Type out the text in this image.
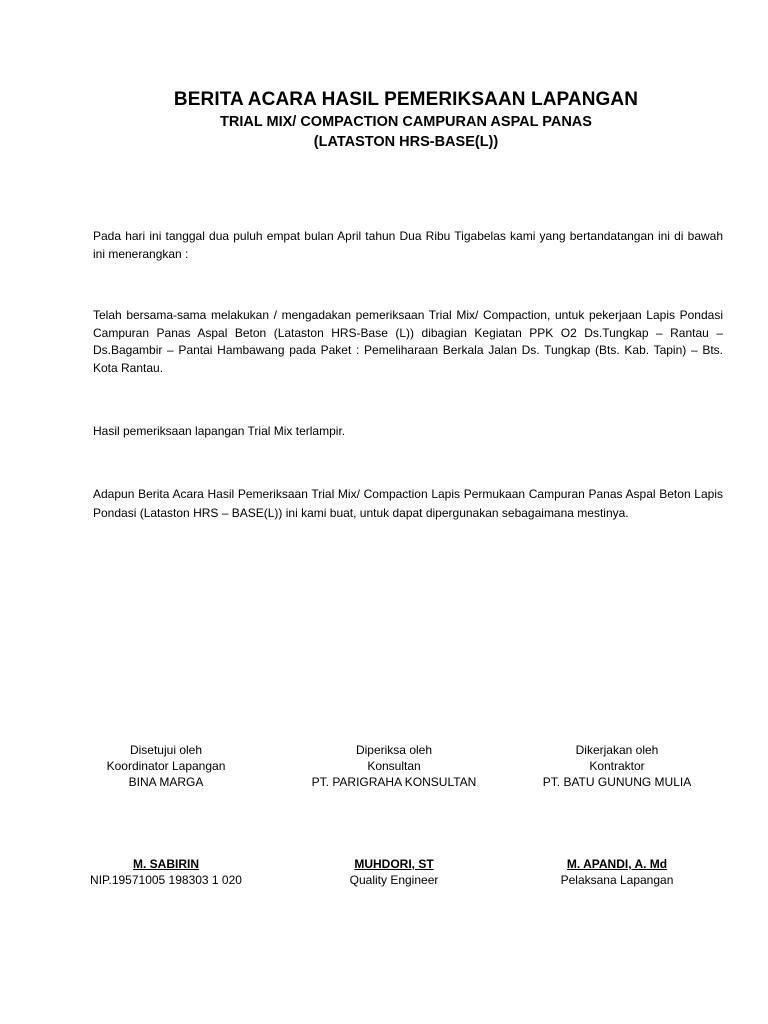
BERITA ACARA HASIL PEMERIKSAAN LAPANGAN

TRIAL MIX/ COMPACTION CAMPURAN ASPAL PANAS

(LATASTON HRS-BASE(L))

Pada hari ini tanggal dua puluh empat bulan April tahun Dua Ribu Tigabelas kami yang bertandatangan ini di bawah ini menerangkan :

Telah bersama-sama melakukan / mengadakan pemeriksaan Trial Mix/ Compaction, untuk pekerjaan Lapis Pondasi Campuran Panas Aspal Beton (Lataston HRS-Base (L)) dibagian Kegiatan PPK O2 Ds.Tungkap – Rantau – Ds.Bagambir – Pantai Hambawang pada Paket : Pemeliharaan Berkala Jalan Ds. Tungkap (Bts. Kab. Tapin) – Bts. Kota Rantau.

Hasil pemeriksaan lapangan Trial Mix terlampir.

Adapun Berita Acara Hasil Pemeriksaan Trial Mix/ Compaction Lapis Permukaan Campuran Panas Aspal Beton Lapis Pondasi (Lataston HRS – BASE(L)) ini kami buat, untuk dapat dipergunakan sebagaimana mestinya.

Disetujui oleh
Koordinator Lapangan
BINA MARGA
Diperiksa oleh
Konsultan
PT. PARIGRAHA KONSULTAN
Dikerjakan oleh
Kontraktor
PT. BATU GUNUNG MULIA
M. SABIRIN
NIP.19571005 198303 1 020
MUHDORI, ST
Quality Engineer
M. APANDI, A. Md
Pelaksana Lapangan
